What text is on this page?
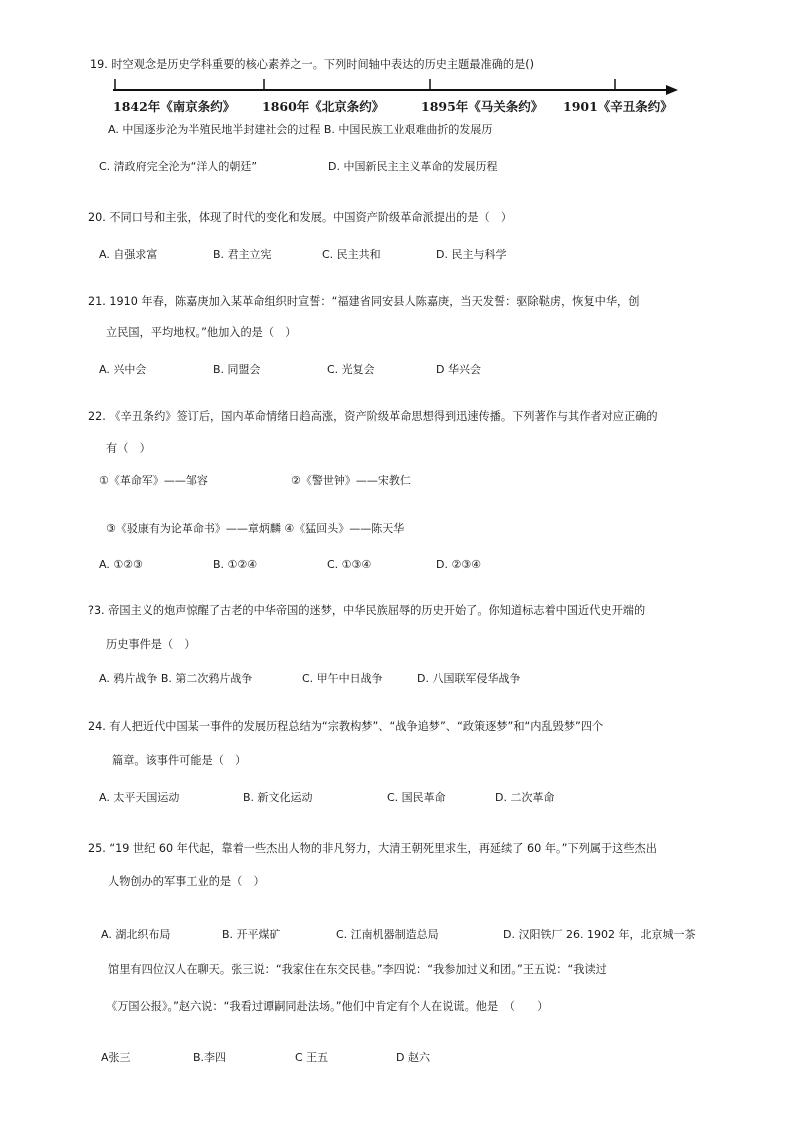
19. 时空观念是历史学科重要的核心素养之一。下列时间轴中表达的历史主题最准确的是()
1842年《南京条约》 1860年《北京条约》	1895年《马关条约》 1901《辛丑条约》
A. 中国逐步沦为半殖民地半封建社会的过程 B. 中国民族工业艰难曲折的发展历
C. 清政府完全沦为“洋人的朝廷”	D. 中国新民主主义革命的发展历程
20. 不同口号和主张，体现了时代的变化和发展。中国资产阶级革命派提出的是（　）
A. 自强求富	B. 君主立宪	C. 民主共和	D. 民主与科学
21. 1910 年春，陈嘉庚加入某革命组织时宣誓：“福建省同安县人陈嘉庚，当天发誓：驱除鞑虏，恢复中华，创
立民国，平均地权。”他加入的是（　）
A. 兴中会	B. 同盟会	C. 光复会	D 华兴会
22. 《辛丑条约》签订后，国内革命情绪日趋高涨，资产阶级革命思想得到迅速传播。下列著作与其作者对应正确的
有（　）
①《革命军》——邹容	②《警世钟》——宋教仁
③《驳康有为论革命书》——章炳麟 ④《猛回头》——陈天华
A. ①②③	B. ①②④	C. ①③④	D. ②③④
?3. 帝国主义的炮声惊醒了古老的中华帝国的迷梦，中华民族屈辱的历史开始了。你知道标志着中国近代史开端的
历史事件是（　）
A. 鸦片战争 B. 第二次鸦片战争	C. 甲午中日战争	D. 八国联军侵华战争
24. 有人把近代中国某一事件的发展历程总结为“宗教构梦”、“战争追梦”、“政策逐梦”和“内乱毁梦”四个
篇章。该事件可能是（　）
A. 太平天国运动	B. 新文化运动	C. 国民革命	D. 二次革命
25. “19 世纪 60 年代起，靠着一些杰出人物的非凡努力，大清王朝死里求生，再延续了 60 年。”下列属于这些杰出
人物创办的军事工业的是（　）
A. 湖北织布局	B. 开平煤矿	C. 江南机器制造总局	D. 汉阳铁厂 26. 1902 年，北京城一茶
馆里有四位汉人在聊天。张三说：“我家住在东交民巷。”李四说：“我参加过义和团。”王五说：“我读过
《万国公报》。”赵六说：“我看过谭嗣同赴法场。”他们中肯定有个人在说谎。他是　（　　）
A张三	B.李四	C 王五	D 赵六
